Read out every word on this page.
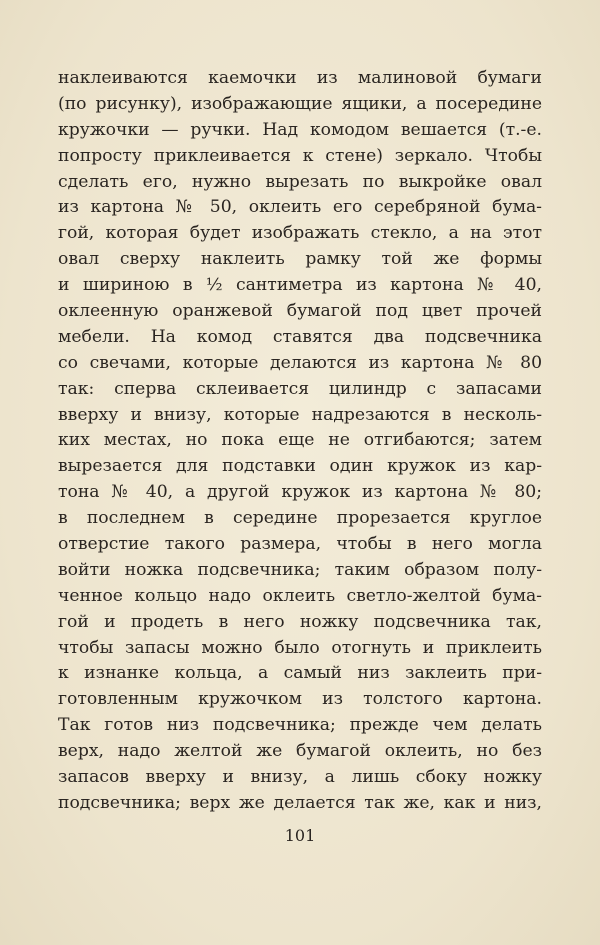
наклеиваются каемочки из малиновой бумаги
(по рисунку), изображающие ящики, а посередине
кружочки — ручки. Над комодом вешается (т.-е.
попросту приклеивается к стене) зеркало. Чтобы
сделать его, нужно вырезать по выкройке овал
из картона № 50, оклеить его серебряной бума-
гой, которая будет изображать стекло, а на этот
овал сверху наклеить рамку той же формы
и шириною в ½ сантиметра из картона № 40,
оклеенную оранжевой бумагой под цвет прочей
мебели. На комод ставятся два подсвечника
со свечами, которые делаются из картона № 80
так: сперва склеивается цилиндр с запасами
вверху и внизу, которые надрезаются в несколь-
ких местах, но пока еще не отгибаются; затем
вырезается для подставки один кружок из кар-
тона № 40, а другой кружок из картона № 80;
в последнем в середине прорезается круглое
отверстие такого размера, чтобы в него могла
войти ножка подсвечника; таким образом полу-
ченное кольцо надо оклеить светло-желтой бума-
гой и продеть в него ножку подсвечника так,
чтобы запасы можно было отогнуть и приклеить
к изнанке кольца, а самый низ заклеить при-
готовленным кружочком из толстого картона.
Так готов низ подсвечника; прежде чем делать
верх, надо желтой же бумагой оклеить, но без
запасов вверху и внизу, а лишь сбоку ножку
подсвечника; верх же делается так же, как и низ,
101
